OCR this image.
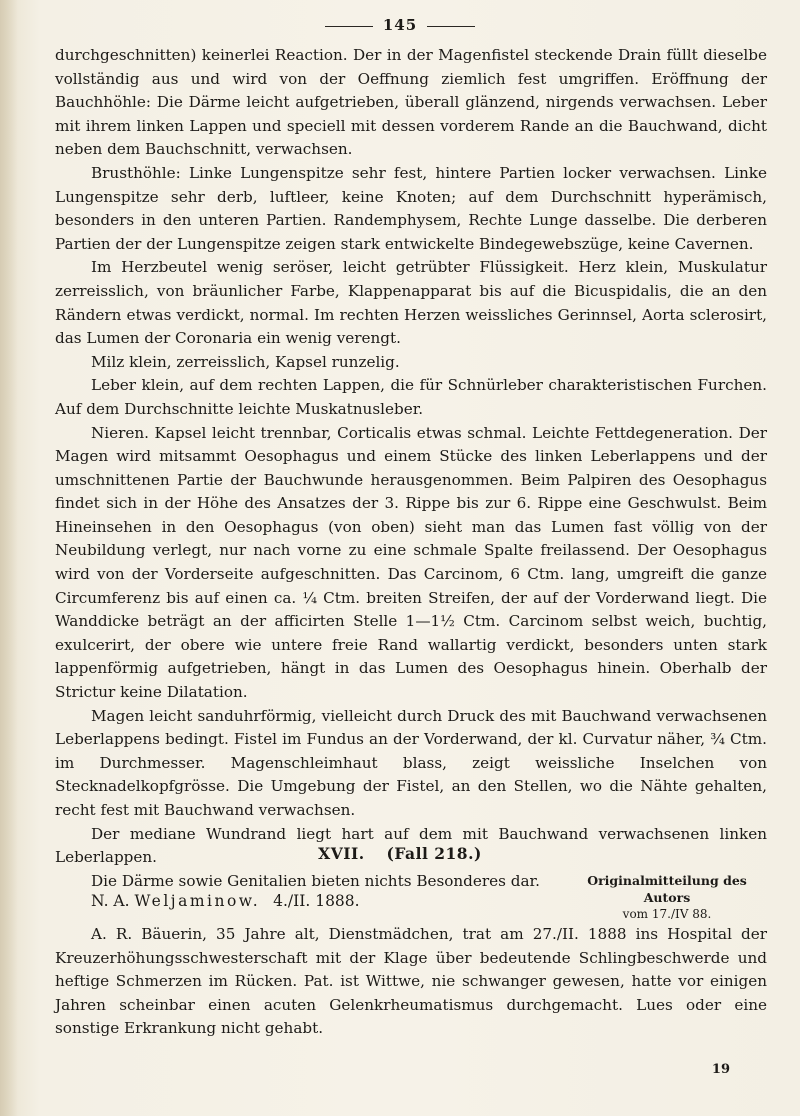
145

durchgeschnitten) keinerlei Reaction. Der in der Magenfistel steckende Drain füllt dieselbe vollständig aus und wird von der Oeffnung ziemlich fest umgriffen. Eröffnung der Bauchhöhle: Die Därme leicht aufgetrieben, überall glänzend, nirgends verwachsen. Leber mit ihrem linken Lappen und speciell mit dessen vorderem Rande an die Bauchwand, dicht neben dem Bauchschnitt, verwachsen.

Brusthöhle: Linke Lungenspitze sehr fest, hintere Partien locker verwachsen. Linke Lungenspitze sehr derb, luftleer, keine Knoten; auf dem Durchschnitt hyperämisch, besonders in den unteren Partien. Randemphysem, Rechte Lunge dasselbe. Die derberen Partien der der Lungenspitze zeigen stark entwickelte Bindegewebszüge, keine Cavernen.

Im Herzbeutel wenig seröser, leicht getrübter Flüssigkeit. Herz klein, Muskulatur zerreisslich, von bräunlicher Farbe, Klappenapparat bis auf die Bicuspidalis, die an den Rändern etwas verdickt, normal. Im rechten Herzen weissliches Gerinnsel, Aorta sclerosirt, das Lumen der Coronaria ein wenig verengt.

Milz klein, zerreisslich, Kapsel runzelig.

Leber klein, auf dem rechten Lappen, die für Schnürleber charakteristischen Furchen. Auf dem Durchschnitte leichte Muskatnusleber.

Nieren. Kapsel leicht trennbar, Corticalis etwas schmal. Leichte Fettdegeneration. Der Magen wird mitsammt Oesophagus und einem Stücke des linken Leberlappens und der umschnittenen Partie der Bauchwunde herausgenommen. Beim Palpiren des Oesophagus findet sich in der Höhe des Ansatzes der 3. Rippe bis zur 6. Rippe eine Geschwulst. Beim Hineinsehen in den Oesophagus (von oben) sieht man das Lumen fast völlig von der Neubildung verlegt, nur nach vorne zu eine schmale Spalte freilassend. Der Oesophagus wird von der Vorderseite aufgeschnitten. Das Carcinom, 6 Ctm. lang, umgreift die ganze Circumferenz bis auf einen ca. ¼ Ctm. breiten Streifen, der auf der Vorderwand liegt. Die Wanddicke beträgt an der afficirten Stelle 1—1½ Ctm. Carcinom selbst weich, buchtig, exulcerirt, der obere wie untere freie Rand wallartig verdickt, besonders unten stark lappenförmig aufgetrieben, hängt in das Lumen des Oesophagus hinein. Oberhalb der Strictur keine Dilatation.

Magen leicht sanduhrförmig, vielleicht durch Druck des mit Bauchwand verwachsenen Leberlappens bedingt. Fistel im Fundus an der Vorderwand, der kl. Curvatur näher, ¾ Ctm. im Durchmesser. Magenschleimhaut blass, zeigt weissliche Inselchen von Stecknadelkopfgrösse. Die Umgebung der Fistel, an den Stellen, wo die Nähte gehalten, recht fest mit Bauchwand verwachsen.

Der mediane Wundrand liegt hart auf dem mit Bauchwand verwachsenen linken Leberlappen.

Die Därme sowie Genitalien bieten nichts Besonderes dar.

XVII. (Fall 218.)
Originalmitteilung des Autors
vom 17./IV 88.
N. A. Weljaminow. 4./II. 1888.

A. R. Bäuerin, 35 Jahre alt, Dienstmädchen, trat am 27./II. 1888 ins Hospital der Kreuzerhöhungsschwesterschaft mit der Klage über bedeutende Schlingbeschwerde und heftige Schmerzen im Rücken. Pat. ist Wittwe, nie schwanger gewesen, hatte vor einigen Jahren scheinbar einen acuten Gelenkrheumatismus durchgemacht. Lues oder eine sonstige Erkrankung nicht gehabt.

19
